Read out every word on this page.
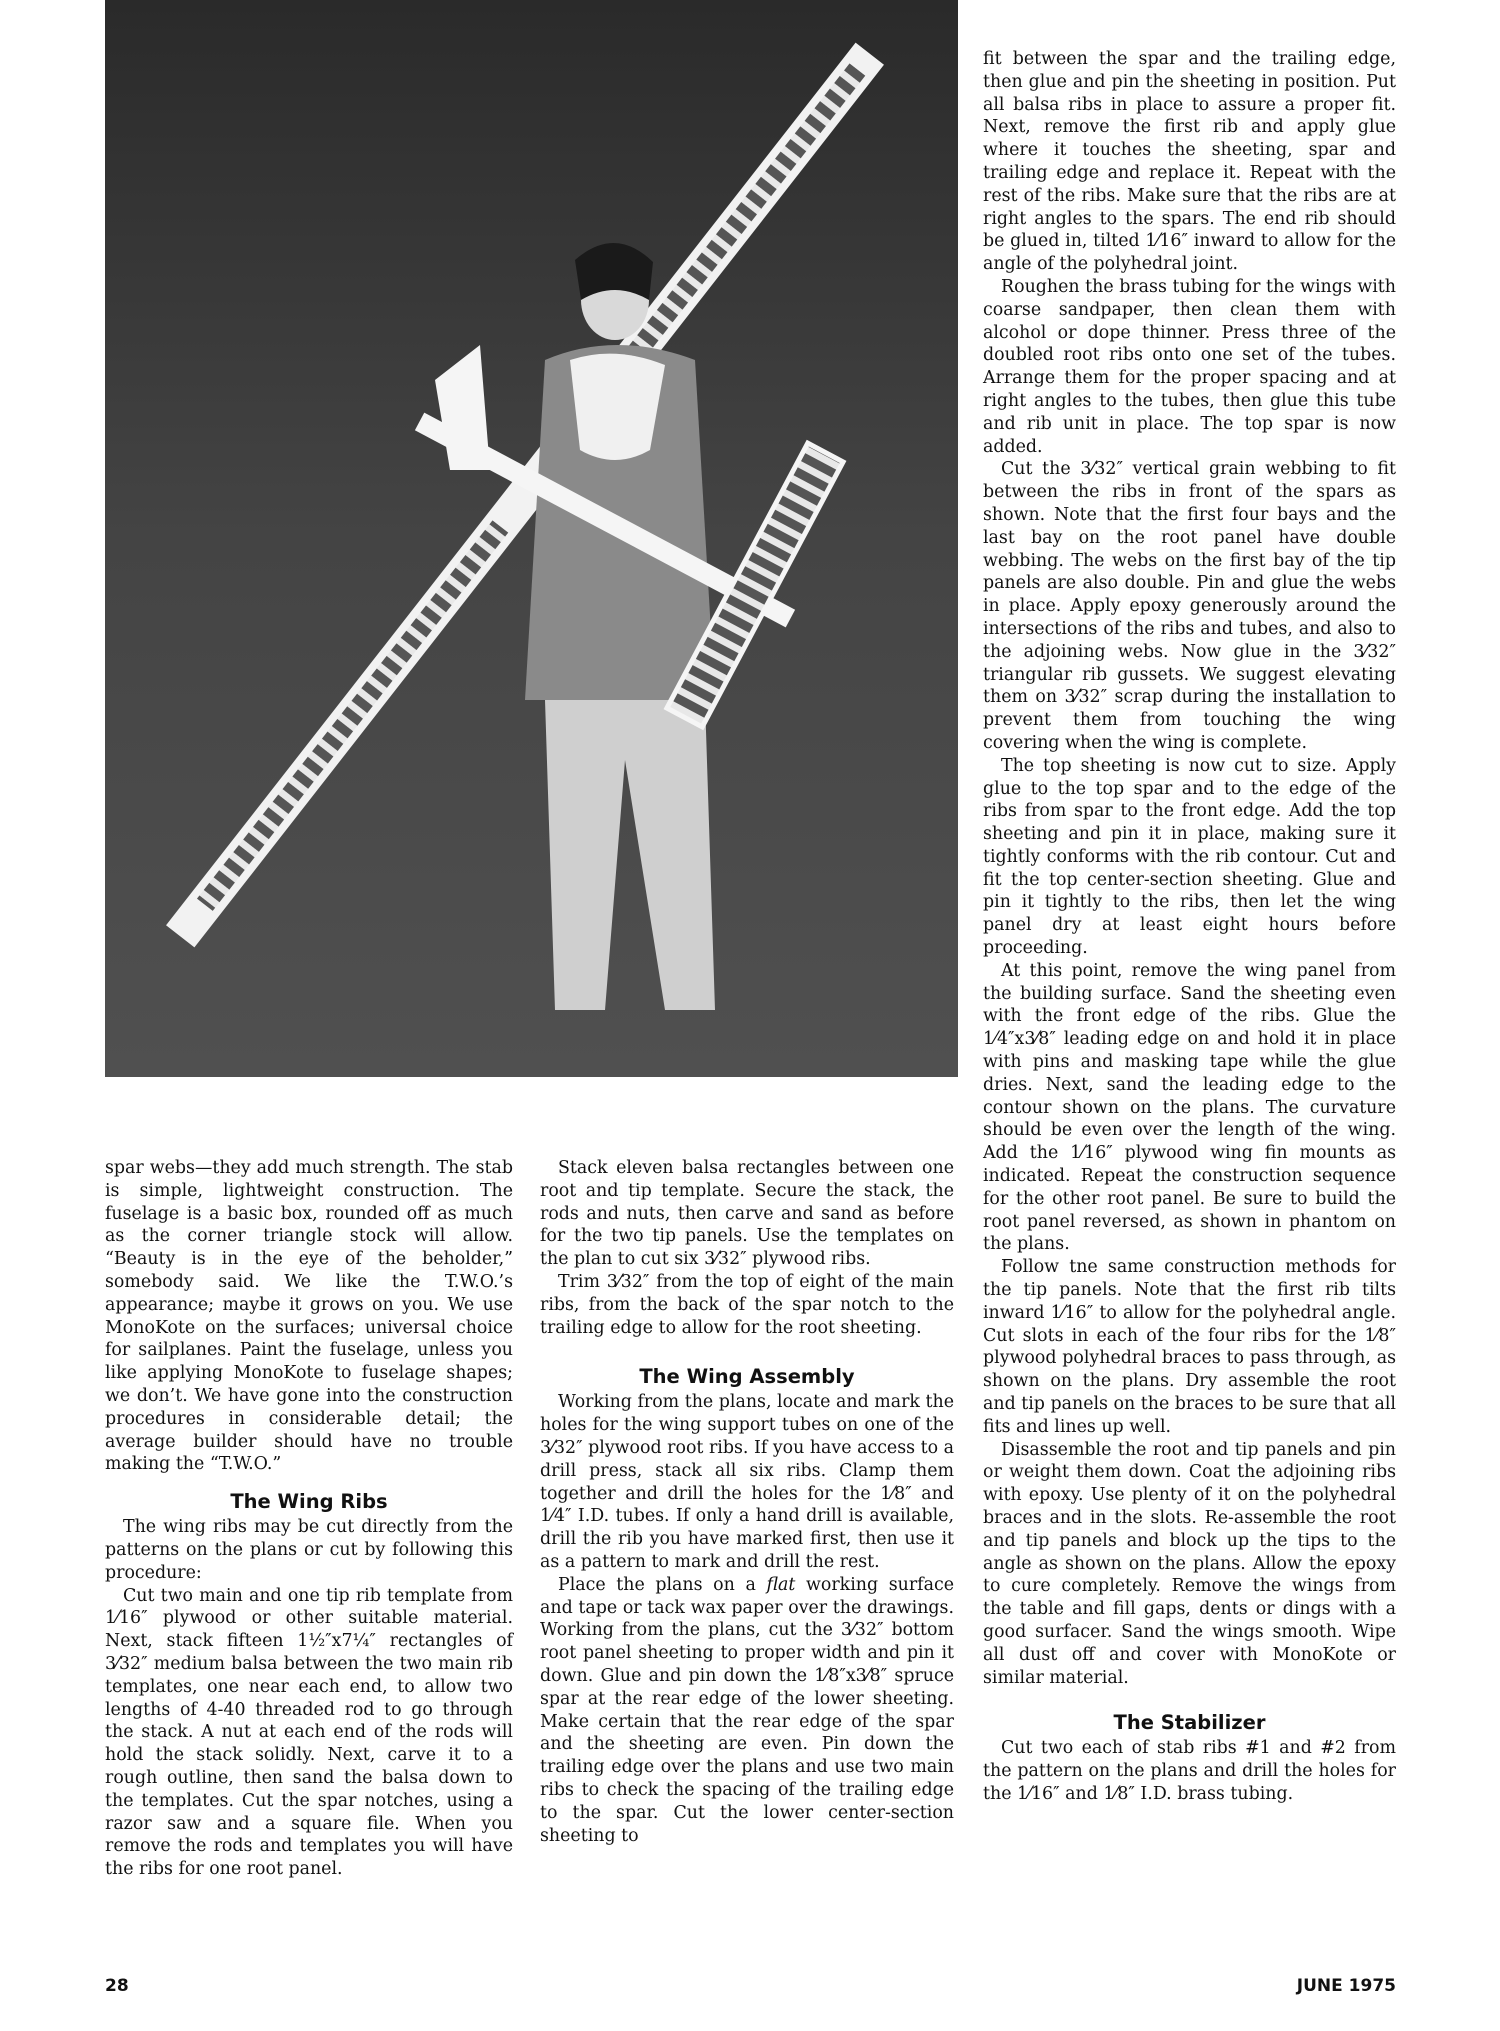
spar webs—they add much strength. The stab is simple, lightweight construction. The fuselage is a basic box, rounded off as much as the corner triangle stock will allow. “Beauty is in the eye of the beholder,” somebody said. We like the T.W.O.’s appearance; maybe it grows on you. We use MonoKote on the surfaces; universal choice for sailplanes. Paint the fuselage, unless you like applying MonoKote to fuselage shapes; we don’t. We have gone into the construction procedures in considerable detail; the average builder should have no trouble making the “T.W.O.”

The Wing Ribs

The wing ribs may be cut directly from the patterns on the plans or cut by following this procedure:

Cut two main and one tip rib template from 1⁄16″ plywood or other suitable material. Next, stack fifteen 1½″x7¼″ rectangles of 3⁄32″ medium balsa between the two main rib templates, one near each end, to allow two lengths of 4-40 threaded rod to go through the stack. A nut at each end of the rods will hold the stack solidly. Next, carve it to a rough outline, then sand the balsa down to the templates. Cut the spar notches, using a razor saw and a square file. When you remove the rods and templates you will have the ribs for one root panel.

Stack eleven balsa rectangles between one root and tip template. Secure the stack, the rods and nuts, then carve and sand as before for the two tip panels. Use the templates on the plan to cut six 3⁄32″ plywood ribs.

Trim 3⁄32″ from the top of eight of the main ribs, from the back of the spar notch to the trailing edge to allow for the root sheeting.

The Wing Assembly

Working from the plans, locate and mark the holes for the wing support tubes on one of the 3⁄32″ plywood root ribs. If you have access to a drill press, stack all six ribs. Clamp them together and drill the holes for the 1⁄8″ and 1⁄4″ I.D. tubes. If only a hand drill is available, drill the rib you have marked first, then use it as a pattern to mark and drill the rest.

Place the plans on a flat working surface and tape or tack wax paper over the drawings. Working from the plans, cut the 3⁄32″ bottom root panel sheeting to proper width and pin it down. Glue and pin down the 1⁄8″x3⁄8″ spruce spar at the rear edge of the lower sheeting. Make certain that the rear edge of the spar and the sheeting are even. Pin down the trailing edge over the plans and use two main ribs to check the spacing of the trailing edge to the spar. Cut the lower center-section sheeting to

fit between the spar and the trailing edge, then glue and pin the sheeting in position. Put all balsa ribs in place to assure a proper fit. Next, remove the first rib and apply glue where it touches the sheeting, spar and trailing edge and replace it. Repeat with the rest of the ribs. Make sure that the ribs are at right angles to the spars. The end rib should be glued in, tilted 1⁄16″ inward to allow for the angle of the polyhedral joint.

Roughen the brass tubing for the wings with coarse sandpaper, then clean them with alcohol or dope thinner. Press three of the doubled root ribs onto one set of the tubes. Arrange them for the proper spacing and at right angles to the tubes, then glue this tube and rib unit in place. The top spar is now added.

Cut the 3⁄32″ vertical grain webbing to fit between the ribs in front of the spars as shown. Note that the first four bays and the last bay on the root panel have double webbing. The webs on the first bay of the tip panels are also double. Pin and glue the webs in place. Apply epoxy generously around the intersections of the ribs and tubes, and also to the adjoining webs. Now glue in the 3⁄32″ triangular rib gussets. We suggest elevating them on 3⁄32″ scrap during the installation to prevent them from touching the wing covering when the wing is complete.

The top sheeting is now cut to size. Apply glue to the top spar and to the edge of the ribs from spar to the front edge. Add the top sheeting and pin it in place, making sure it tightly conforms with the rib contour. Cut and fit the top center-section sheeting. Glue and pin it tightly to the ribs, then let the wing panel dry at least eight hours before proceeding.

At this point, remove the wing panel from the building surface. Sand the sheeting even with the front edge of the ribs. Glue the 1⁄4″x3⁄8″ leading edge on and hold it in place with pins and masking tape while the glue dries. Next, sand the leading edge to the contour shown on the plans. The curvature should be even over the length of the wing. Add the 1⁄16″ plywood wing fin mounts as indicated. Repeat the construction sequence for the other root panel. Be sure to build the root panel reversed, as shown in phantom on the plans.

Follow tne same construction methods for the tip panels. Note that the first rib tilts inward 1⁄16″ to allow for the polyhedral angle. Cut slots in each of the four ribs for the 1⁄8″ plywood polyhedral braces to pass through, as shown on the plans. Dry assemble the root and tip panels on the braces to be sure that all fits and lines up well.

Disassemble the root and tip panels and pin or weight them down. Coat the adjoining ribs with epoxy. Use plenty of it on the polyhedral braces and in the slots. Re-assemble the root and tip panels and block up the tips to the angle as shown on the plans. Allow the epoxy to cure completely. Remove the wings from the table and fill gaps, dents or dings with a good surfacer. Sand the wings smooth. Wipe all dust off and cover with MonoKote or similar material.

The Stabilizer

Cut two each of stab ribs #1 and #2 from the pattern on the plans and drill the holes for the 1⁄16″ and 1⁄8″ I.D. brass tubing.

28	JUNE 1975
